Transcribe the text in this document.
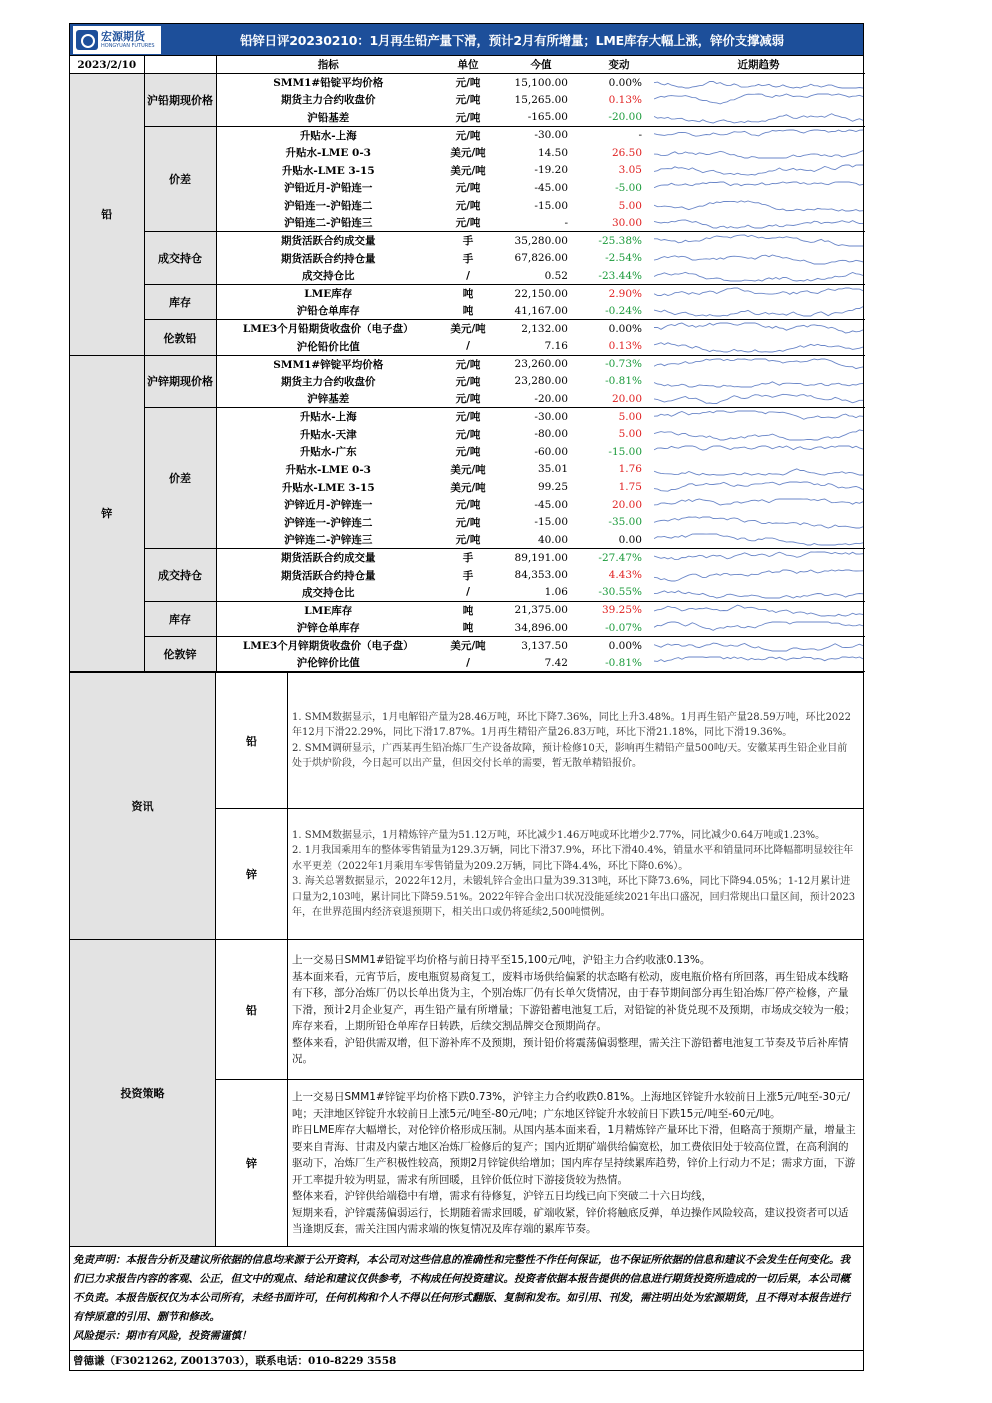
宏源期货
HONGYUAN FUTURES	铅锌日评20230210：1月再生铅产量下滑，预计2月有所增量；LME库存大幅上涨，锌价支撑减弱
2023/2/10		指标	单位	今值	变动	近期趋势
铅	沪铅期现价格	SMM1#铅锭平均价格	元/吨	15,100.00	0.00%	

		期货主力合约收盘价	元/吨	15,265.00	0.13%	

		沪铅基差	元/吨	-165.00	-20.00	

	价差	升贴水-上海	元/吨	-30.00	-	

		升贴水-LME 0-3	美元/吨	14.50	26.50	

		升贴水-LME 3-15	美元/吨	-19.20	3.05	

		沪铅近月-沪铅连一	元/吨	-45.00	-5.00	

		沪铅连一-沪铅连二	元/吨	-15.00	5.00	

		沪铅连二-沪铅连三	元/吨	-	30.00	

	成交持仓	期货活跃合约成交量	手	35,280.00	-25.38%	

		期货活跃合约持仓量	手	67,826.00	-2.54%	

		成交持仓比	/	0.52	-23.44%	

	库存	LME库存	吨	22,150.00	2.90%	

		沪铅仓单库存	吨	41,167.00	-0.24%	

	伦敦铅	LME3个月铅期货收盘价（电子盘）	美元/吨	2,132.00	0.00%	

		沪伦铅价比值	/	7.16	0.13%	

锌	沪锌期现价格	SMM1#锌锭平均价格	元/吨	23,260.00	-0.73%	

		期货主力合约收盘价	元/吨	23,280.00	-0.81%	

		沪锌基差	元/吨	-20.00	20.00	

	价差	升贴水-上海	元/吨	-30.00	5.00	

		升贴水-天津	元/吨	-80.00	5.00	

		升贴水-广东	元/吨	-60.00	-15.00	

		升贴水-LME 0-3	美元/吨	35.01	1.76	

		升贴水-LME 3-15	美元/吨	99.25	1.75	

		沪锌近月-沪锌连一	元/吨	-45.00	20.00	

		沪锌连一-沪锌连二	元/吨	-15.00	-35.00	

		沪锌连二-沪锌连三	元/吨	40.00	0.00	

	成交持仓	期货活跃合约成交量	手	89,191.00	-27.47%	

		期货活跃合约持仓量	手	84,353.00	4.43%	

		成交持仓比	/	1.06	-30.55%	

	库存	LME库存	吨	21,375.00	39.25%	

		沪锌仓单库存	吨	34,896.00	-0.07%	

	伦敦锌	LME3个月锌期货收盘价（电子盘）	美元/吨	3,137.50	0.00%	

		沪伦锌价比值	/	7.42	-0.81%	
资讯
铅
1. SMM数据显示，1月电解铅产量为28.46万吨，环比下降7.36%，同比上升3.48%。1月再生铅产量28.59万吨，环比2022年12月下滑22.29%，同比下滑17.87%。1月再生精铅产量26.83万吨，环比下滑21.18%，同比下滑19.36%。
2. SMM调研显示，广西某再生铅冶炼厂生产设备故障，预计检修10天，影响再生精铅产量500吨/天。安徽某再生铅企业目前处于烘炉阶段，今日起可以出产量，但因交付长单的需要，暂无散单精铅报价。
锌
1. SMM数据显示，1月精炼锌产量为51.12万吨，环比减少1.46万吨或环比增少2.77%，同比减少0.64万吨或1.23%。
2. 1月我国乘用车的整体零售销量为129.3万辆，同比下滑37.9%，环比下滑40.4%，销量水平和销量同环比降幅都明显较往年水平更差（2022年1月乘用车零售销量为209.2万辆，同比下降4.4%，环比下降0.6%）。
3. 海关总署数据显示，2022年12月，未锻轧锌合金出口量为39.313吨，环比下降73.6%，同比下降94.05%；1-12月累计进口量为2,103吨，累计同比下降59.51%。2022年锌合金出口状况没能延续2021年出口盛况，回归常规出口量区间，预计2023年，在世界范围内经济衰退预期下，相关出口或仍将延续2,500吨惯例。
投资策略
铅
上一交易日SMM1#铅锭平均价格与前日持平至15,100元/吨，沪铅主力合约收涨0.13%。
基本面来看，元宵节后，废电瓶贸易商复工，废料市场供给偏紧的状态略有松动，废电瓶价格有所回落，再生铅成本线略有下移，部分冶炼厂仍以长单出货为主，个别冶炼厂仍有长单欠货情况，由于春节期间部分再生铅冶炼厂停产检修，产量下滑，预计2月企业复产，再生铅产量有所增量；下游铅蓄电池复工后，对铅锭的补货兑现不及预期，市场成交较为一般；库存来看，上期所铅仓单库存日转跌，后续交割品牌交仓预期尚存。
整体来看，沪铅供需双增，但下游补库不及预期，预计铅价将震荡偏弱整理，需关注下游铅蓄电池复工节奏及节后补库情况。
锌
上一交易日SMM1#锌锭平均价格下跌0.73%，沪锌主力合约收跌0.81%。上海地区锌锭升水较前日上涨5元/吨至-30元/吨；天津地区锌锭升水较前日上涨5元/吨至-80元/吨；广东地区锌锭升水较前日下跌15元/吨至-60元/吨。
昨日LME库存大幅增长，对伦锌价格形成压制。从国内基本面来看，1月精炼锌产量环比下滑，但略高于预期产量，增量主要来自青海、甘肃及内蒙古地区冶炼厂检修后的复产；国内近期矿端供给偏宽松，加工费依旧处于较高位置，在高利润的驱动下，冶炼厂生产积极性较高，预期2月锌锭供给增加；国内库存呈持续累库趋势，锌价上行动力不足；需求方面，下游开工率提升较为明显，需求有所回暖，且锌价低位时下游接货较为热情。
整体来看，沪锌供给端稳中有增，需求有待修复，沪锌五日均线已向下突破二十六日均线，
短期来看，沪锌震荡偏弱运行，长期随着需求回暖，矿端收紧，锌价将触底反弹，单边操作风险较高，建议投资者可以适当逢期反套，需关注国内需求端的恢复情况及库存端的累库节奏。
免责声明：本报告分析及建议所依据的信息均来源于公开资料，本公司对这些信息的准确性和完整性不作任何保证，也不保证所依据的信息和建议不会发生任何变化。我们已力求报告内容的客观、公正，但文中的观点、结论和建议仅供参考，不构成任何投资建议。投资者依据本报告提供的信息进行期货投资所造成的一切后果，本公司概不负责。本报告版权仅为本公司所有，未经书面许可，任何机构和个人不得以任何形式翻版、复制和发布。如引用、刊发，需注明出处为宏源期货，且不得对本报告进行有悖原意的引用、删节和修改。
风险提示：期市有风险，投资需谨慎！
曾德谦（F3021262, Z0013703），联系电话：010-8229 3558
